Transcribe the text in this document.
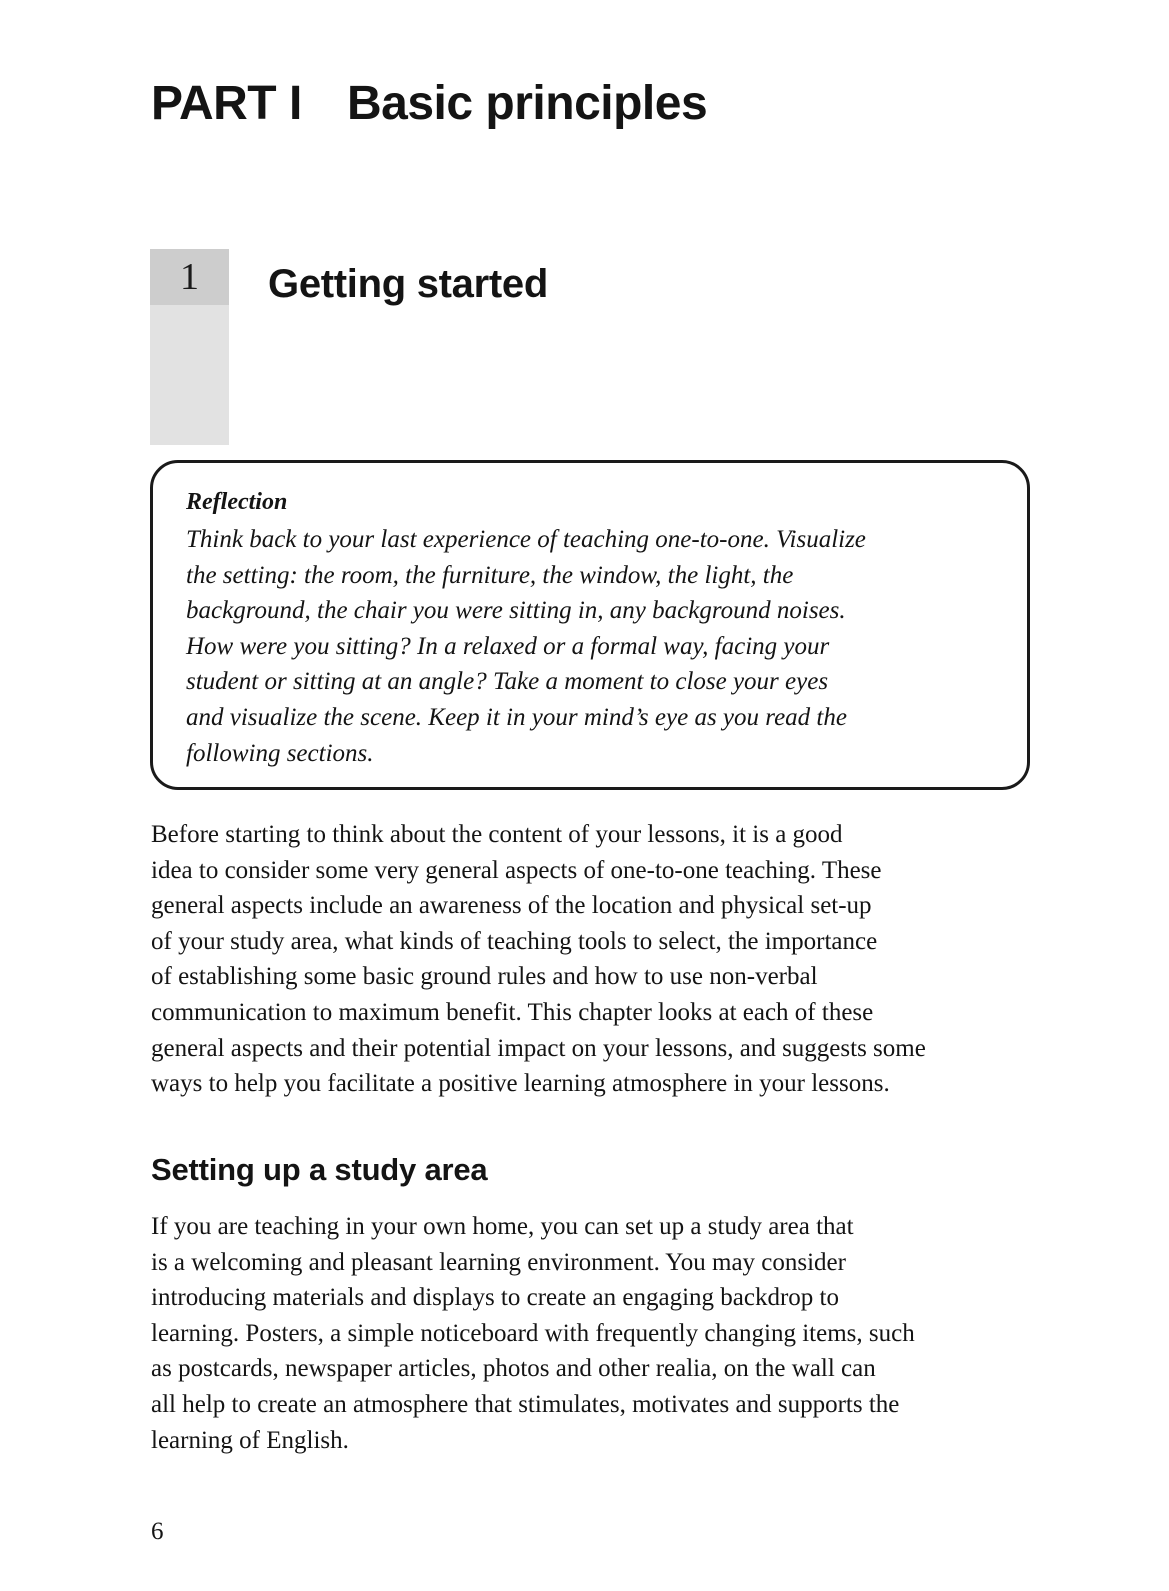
PART I Basic principles
1	Getting started
Reflection

Think back to your last experience of teaching one-to-one. Visualize
the setting: the room, the furniture, the window, the light, the
background, the chair you were sitting in, any background noises.
How were you sitting? In a relaxed or a formal way, facing your
student or sitting at an angle? Take a moment to close your eyes
and visualize the scene. Keep it in your mind’s eye as you read the
following sections.

Before starting to think about the content of your lessons, it is a good
idea to consider some very general aspects of one-to-one teaching. These
general aspects include an awareness of the location and physical set-up
of your study area, what kinds of teaching tools to select, the importance
of establishing some basic ground rules and how to use non-verbal
communication to maximum benefit. This chapter looks at each of these
general aspects and their potential impact on your lessons, and suggests some
ways to help you facilitate a positive learning atmosphere in your lessons.

Setting up a study area

If you are teaching in your own home, you can set up a study area that
is a welcoming and pleasant learning environment. You may consider
introducing materials and displays to create an engaging backdrop to
learning. Posters, a simple noticeboard with frequently changing items, such
as postcards, newspaper articles, photos and other realia, on the wall can
all help to create an atmosphere that stimulates, motivates and supports the
learning of English.

6
